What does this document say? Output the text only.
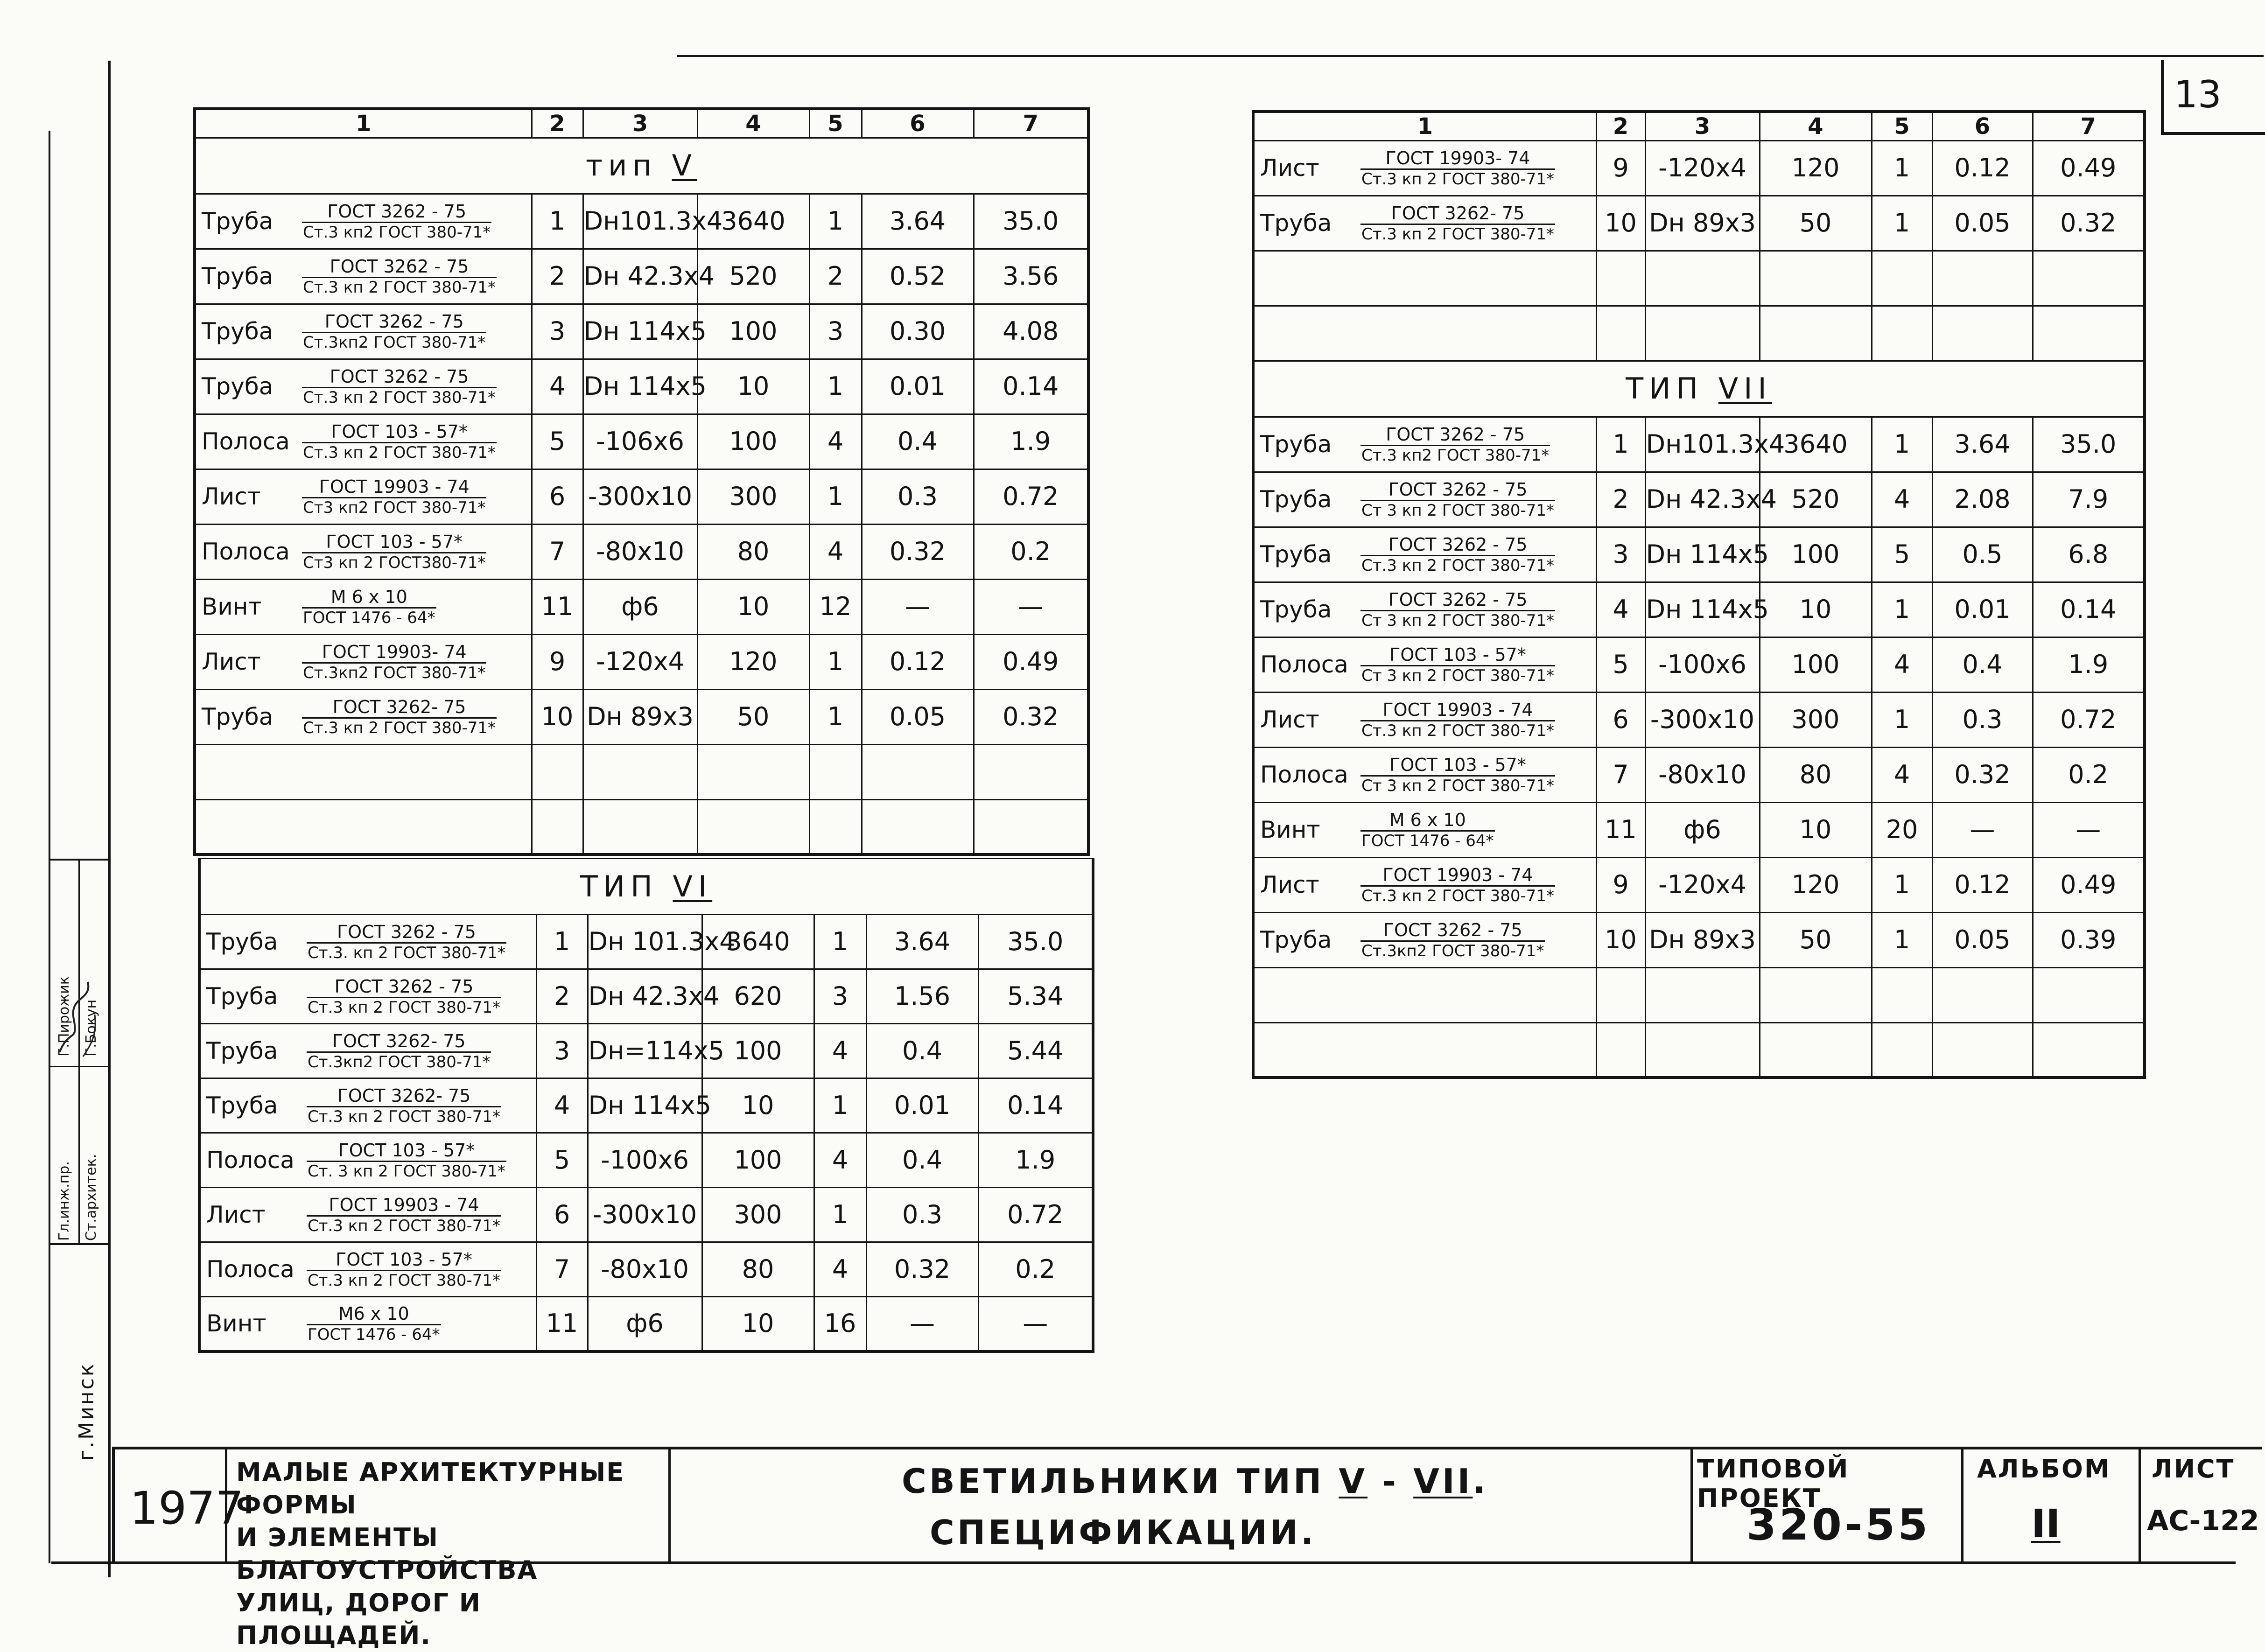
13
1	2	3	4	5	6	7
тип V						
Труба ГОСТ 3262 - 75
Ст.3 кп2 ГОСТ 380-71*	1	Dн101.3x4	3640	1	3.64	35.0
Труба ГОСТ 3262 - 75
Ст.3 кп 2 ГОСТ 380-71*	2	Dн 42.3x4	520	2	0.52	3.56
Труба ГОСТ 3262 - 75
Ст.3кп2 ГОСТ 380-71*	3	Dн 114x5	100	3	0.30	4.08
Труба ГОСТ 3262 - 75
Ст.3 кп 2 ГОСТ 380-71*	4	Dн 114x5	10	1	0.01	0.14
Полоса ГОСТ 103 - 57*
Ст.3 кп 2 ГОСТ 380-71*	5	-106x6	100	4	0.4	1.9
Лист ГОСТ 19903 - 74
Ст3 кп2 ГОСТ 380-71*	6	-300x10	300	1	0.3	0.72
Полоса ГОСТ 103 - 57*
Ст3 кп 2 ГОСТ380-71*	7	-80x10	80	4	0.32	0.2
Винт М 6 x 10
ГОСТ 1476 - 64*	11	ф6	10	12	—	—
Лист ГОСТ 19903- 74
Ст.3кп2 ГОСТ 380-71*	9	-120x4	120	1	0.12	0.49
Труба ГОСТ 3262- 75
Ст.3 кп 2 ГОСТ 380-71*	10	Dн 89x3	50	1	0.05	0.32

ТИП VI						
Труба ГОСТ 3262 - 75
Ст.3. кп 2 ГОСТ 380-71*	1	Dн 101.3x4	3640	1	3.64	35.0
Труба ГОСТ 3262 - 75
Ст.3 кп 2 ГОСТ 380-71*	2	Dн 42.3x4	620	3	1.56	5.34
Труба ГОСТ 3262- 75
Ст.3кп2 ГОСТ 380-71*	3	Dн=114x5	100	4	0.4	5.44
Труба ГОСТ 3262- 75
Ст.3 кп 2 ГОСТ 380-71*	4	Dн 114x5	10	1	0.01	0.14
Полоса ГОСТ 103 - 57*
Ст. 3 кп 2 ГОСТ 380-71*	5	-100x6	100	4	0.4	1.9
Лист ГОСТ 19903 - 74
Ст.3 кп 2 ГОСТ 380-71*	6	-300x10	300	1	0.3	0.72
Полоса ГОСТ 103 - 57*
Ст.3 кп 2 ГОСТ 380-71*	7	-80x10	80	4	0.32	0.2
Винт М6 x 10
ГОСТ 1476 - 64*	11	ф6	10	16	—	—
1	2	3	4	5	6	7
Лист ГОСТ 19903- 74
Ст.3 кп 2 ГОСТ 380-71*	9	-120x4	120	1	0.12	0.49
Труба ГОСТ 3262- 75
Ст.3 кп 2 ГОСТ 380-71*	10	Dн 89x3	50	1	0.05	0.32

ТИП VII						
Труба ГОСТ 3262 - 75
Ст.3 кп2 ГОСТ 380-71*	1	Dн101.3x4	3640	1	3.64	35.0
Труба ГОСТ 3262 - 75
Ст 3 кп 2 ГОСТ 380-71*	2	Dн 42.3x4	520	4	2.08	7.9
Труба ГОСТ 3262 - 75
Ст.3 кп 2 ГОСТ 380-71*	3	Dн 114x5	100	5	0.5	6.8
Труба ГОСТ 3262 - 75
Ст 3 кп 2 ГОСТ 380-71*	4	Dн 114x5	10	1	0.01	0.14
Полоса ГОСТ 103 - 57*
Ст 3 кп 2 ГОСТ 380-71*	5	-100x6	100	4	0.4	1.9
Лист ГОСТ 19903 - 74
Ст.3 кп 2 ГОСТ 380-71*	6	-300x10	300	1	0.3	0.72
Полоса ГОСТ 103 - 57*
Ст 3 кп 2 ГОСТ 380-71*	7	-80x10	80	4	0.32	0.2
Винт М 6 x 10
ГОСТ 1476 - 64*	11	ф6	10	20	—	—
Лист ГОСТ 19903 - 74
Ст.3 кп 2 ГОСТ 380-71*	9	-120x4	120	1	0.12	0.49
Труба ГОСТ 3262 - 75
Ст.3кп2 ГОСТ 380-71*	10	Dн 89x3	50	1	0.05	0.39

Гл.инж.пр. Ст.архитек.
Г.Пирожик Г.Бокун
г.Минск
1977
МАЛЫЕ АРХИТЕКТУРНЫЕ ФОРМЫ
И ЭЛЕМЕНТЫ БЛАГОУСТРОЙСТВА
УЛИЦ, ДОРОГ И ПЛОЩАДЕЙ.
СВЕТИЛЬНИКИ ТИП V - VII.
СПЕЦИФИКАЦИИ.
ТИПОВОЙ ПРОЕКТ
320-55
АЛЬБОМ
II
ЛИСТ
АС-122
